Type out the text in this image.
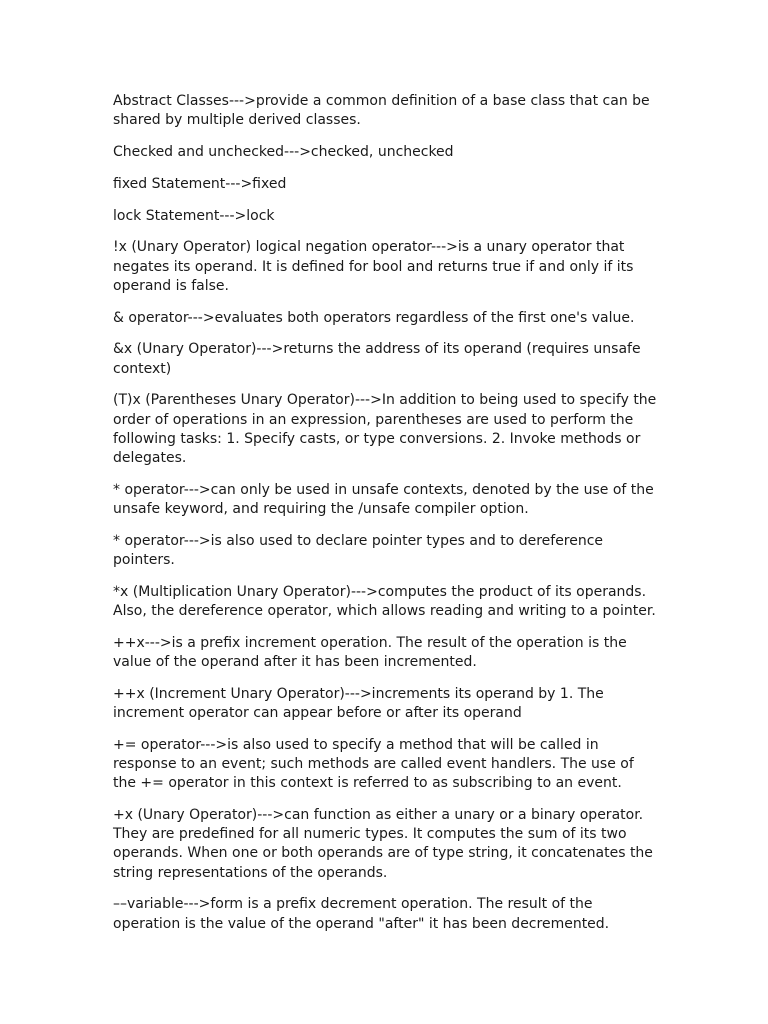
Abstract Classes--->provide a common definition of a base class that can be shared by multiple derived classes.

Checked and unchecked--->checked, unchecked

fixed Statement--->fixed

lock Statement--->lock

!x (Unary Operator) logical negation operator--->is a unary operator that negates its operand. It is defined for bool and returns true if and only if its operand is false.

& operator--->evaluates both operators regardless of the first one's value.

&x (Unary Operator)--->returns the address of its operand (requires unsafe context)

(T)x (Parentheses Unary Operator)--->In addition to being used to specify the order of operations in an expression, parentheses are used to perform the following tasks: 1. Specify casts, or type conversions. 2. Invoke methods or delegates.

* operator--->can only be used in unsafe contexts, denoted by the use of the unsafe keyword, and requiring the /unsafe compiler option.

* operator--->is also used to declare pointer types and to dereference pointers.

*x (Multiplication Unary Operator)--->computes the product of its operands. Also, the dereference operator, which allows reading and writing to a pointer.

++x--->is a prefix increment operation. The result of the operation is the value of the operand after it has been incremented.

++x (Increment Unary Operator)--->increments its operand by 1. The increment operator can appear before or after its operand

+= operator--->is also used to specify a method that will be called in response to an event; such methods are called event handlers. The use of the += operator in this context is referred to as subscribing to an event.

+x (Unary Operator)--->can function as either a unary or a binary operator. They are predefined for all numeric types. It computes the sum of its two operands. When one or both operands are of type string, it concatenates the string representations of the operands.

––variable--->form is a prefix decrement operation. The result of the operation is the value of the operand "after" it has been decremented.
